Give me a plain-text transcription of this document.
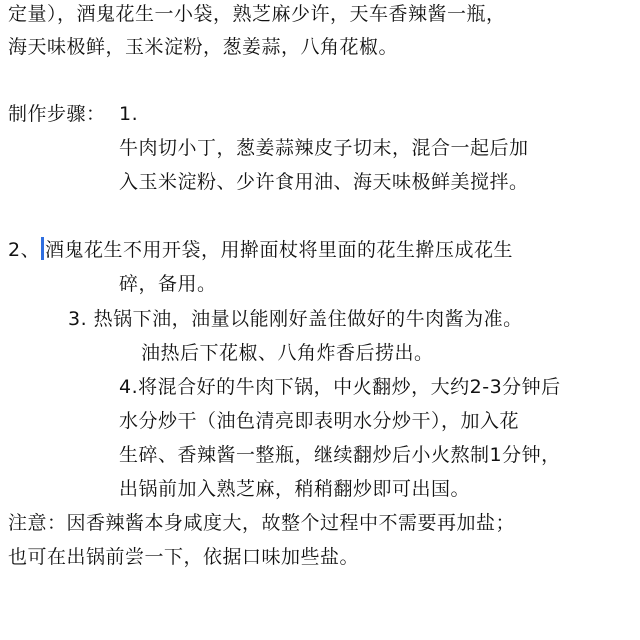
定量），酒鬼花生一小袋，熟芝麻少许，天车香辣酱一瓶，
海天味极鲜，玉米淀粉，葱姜蒜，八角花椒。
制作步骤： 1.
牛肉切小丁，葱姜蒜辣皮子切末，混合一起后加
入玉米淀粉、少许食用油、海天味极鲜美搅拌。
2、 酒鬼花生不用开袋，用擀面杖将里面的花生擀压成花生
碎，备用。
3. 热锅下油，油量以能刚好盖住做好的牛肉酱为准。
油热后下花椒、八角炸香后捞出。
4.将混合好的牛肉下锅，中火翻炒，大约2-3分钟后
水分炒干（油色清亮即表明水分炒干），加入花
生碎、香辣酱一整瓶，继续翻炒后小火熬制1分钟，
出锅前加入熟芝麻，稍稍翻炒即可出国。
注意：因香辣酱本身咸度大，故整个过程中不需要再加盐；
也可在出锅前尝一下，依据口味加些盐。
